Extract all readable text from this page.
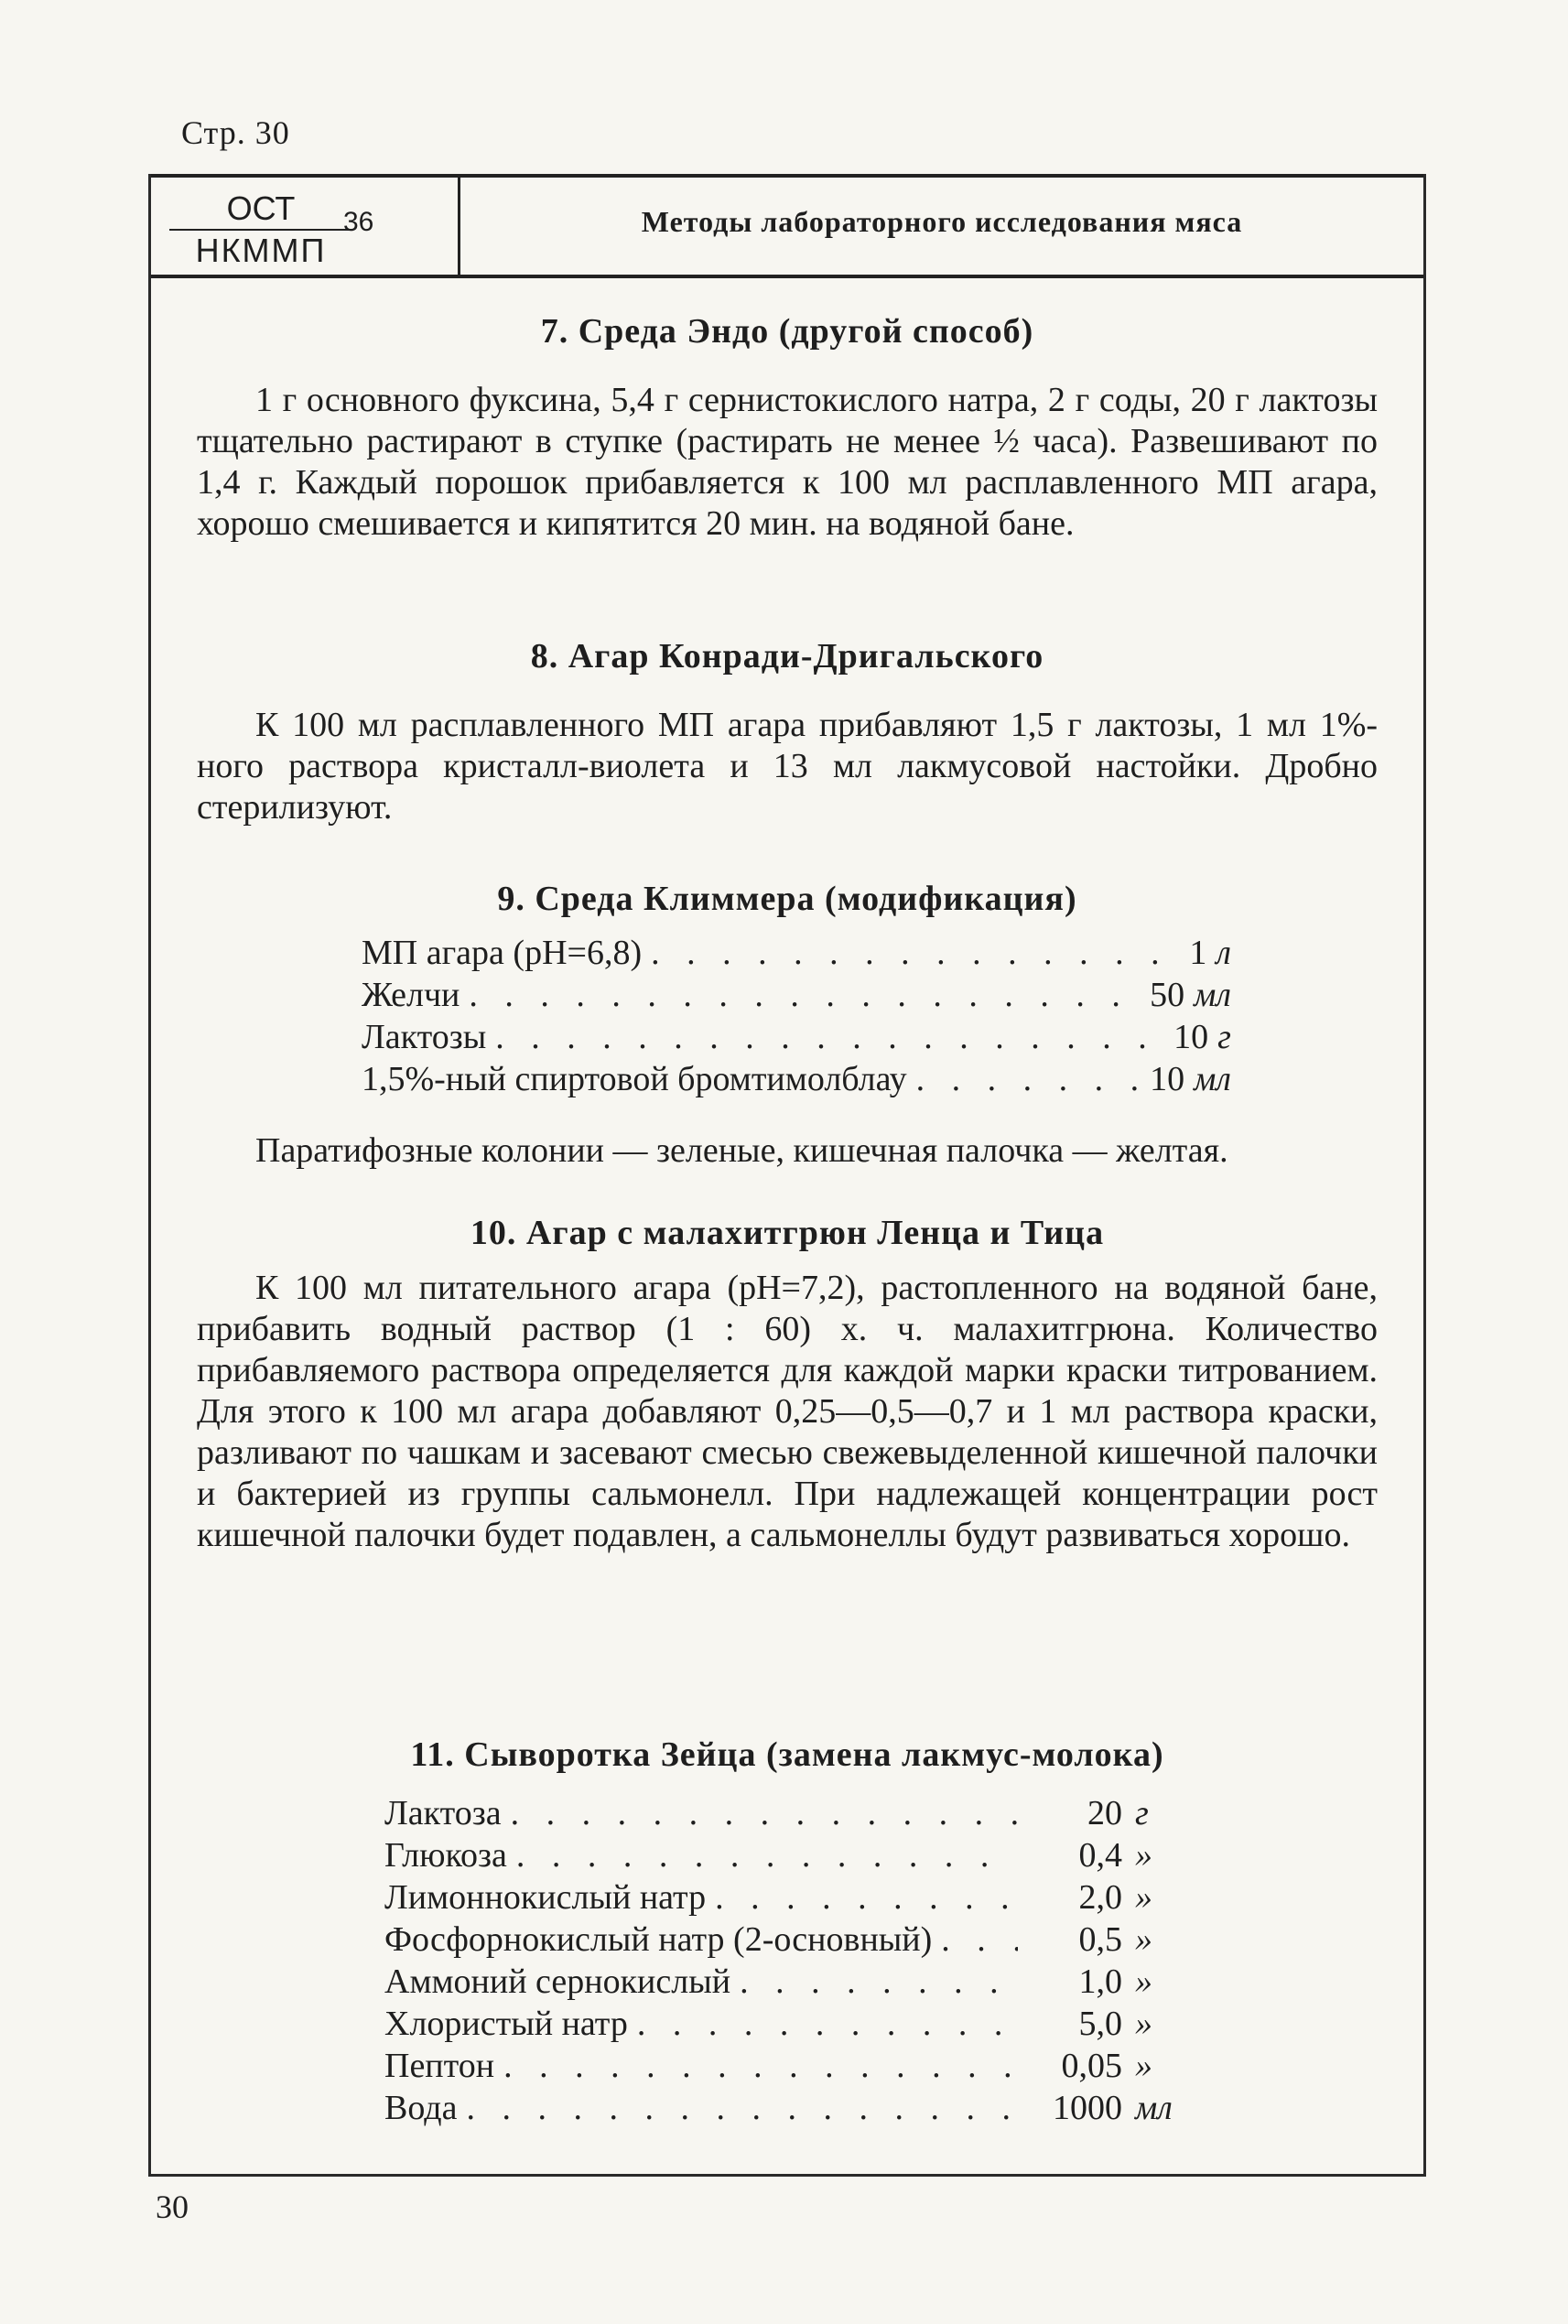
Стр. 30
ОСТ
НКММП
36	Методы лабораторного исследования мяса
7. Среда Эндо (другой способ)

1 г основного фуксина, 5,4 г сернистокислого натра, 2 г соды, 20 г лактозы тщательно растирают в ступке (растирать не менее ½ часа). Развешивают по 1,4 г. Каждый порошок прибавляется к 100 мл расплавленного МП агара, хорошо смешивается и кипятится 20 мин. на водяной бане.

8. Агар Конради-Дригальского

К 100 мл расплавленного МП агара прибавляют 1,5 г лактозы, 1 мл 1%-ного раствора кристалл-виолета и 13 мл лакмусовой настойки. Дробно стерилизуют.

9. Среда Климмера (модификация)
МП агара (рН=6,8) . . .	1 л
Желчи . . .	50 мл
Лактозы . . .	10 г
1,5%-ный спиртовой бромтимолблау . . .	10 мл

Паратифозные колонии — зеленые, кишечная палочка — желтая.

10. Агар с малахитгрюн Ленца и Тица

К 100 мл питательного агара (рН=7,2), растопленного на водяной бане, прибавить водный раствор (1 : 60) х. ч. малахитгрюна. Количество прибавляемого раствора определяется для каждой марки краски титрованием. Для этого к 100 мл агара добавляют 0,25—0,5—0,7 и 1 мл раствора краски, разливают по чашкам и засевают смесью свежевыделенной кишечной палочки и бактерией из группы сальмонелл. При надлежащей концентрации рост кишечной палочки будет подавлен, а сальмонеллы будут развиваться хорошо.

11. Сыворотка Зейца (замена лакмус-молока)
Лактоза . . .	20 г
Глюкоза . . .	0,4 »
Лимоннокислый натр . . .	2,0 »
Фосфорнокислый натр (2-основный) . . .	0,5 »
Аммоний сернокислый . . .	1,0 »
Хлористый натр . . .	5,0 »
Пептон . . .	0,05 »
Вода . . .	1000 мл
30
